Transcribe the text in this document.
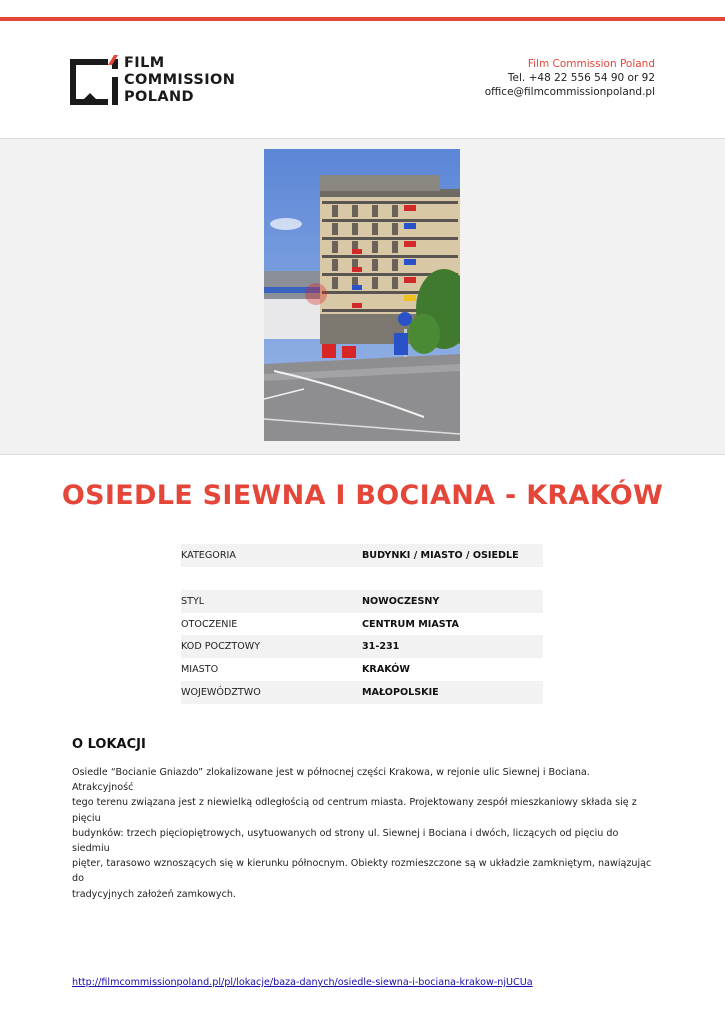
FILM
COMMISSION
POLAND
Film Commission Poland
Tel. +48 22 556 54 90 or 92
office@filmcommissionpoland.pl
OSIEDLE SIEWNA I BOCIANA - KRAKÓW
KATEGORIA	BUDYNKI / MIASTO / OSIEDLE
STYL	NOWOCZESNY
OTOCZENIE	CENTRUM MIASTA
KOD POCZTOWY	31-231
MIASTO	KRAKÓW
WOJEWÓDZTWO	MAŁOPOLSKIE
O LOKACJI

Osiedle “Bocianie Gniazdo” zlokalizowane jest w północnej części Krakowa, w rejonie ulic Siewnej i Bociana. Atrakcyjność
tego terenu związana jest z niewielką odległością od centrum miasta. Projektowany zespół mieszkaniowy składa się z pięciu
budynków: trzech pięciopiętrowych, usytuowanych od strony ul. Siewnej i Bociana i dwóch, liczących od pięciu do siedmiu
pięter, tarasowo wznoszących się w kierunku północnym. Obiekty rozmieszczone są w układzie zamkniętym, nawiązując do
tradycyjnych założeń zamkowych.

http://filmcommissionpoland.pl/pl/lokacje/baza-danych/osiedle-siewna-i-bociana-krakow-njUCUa
